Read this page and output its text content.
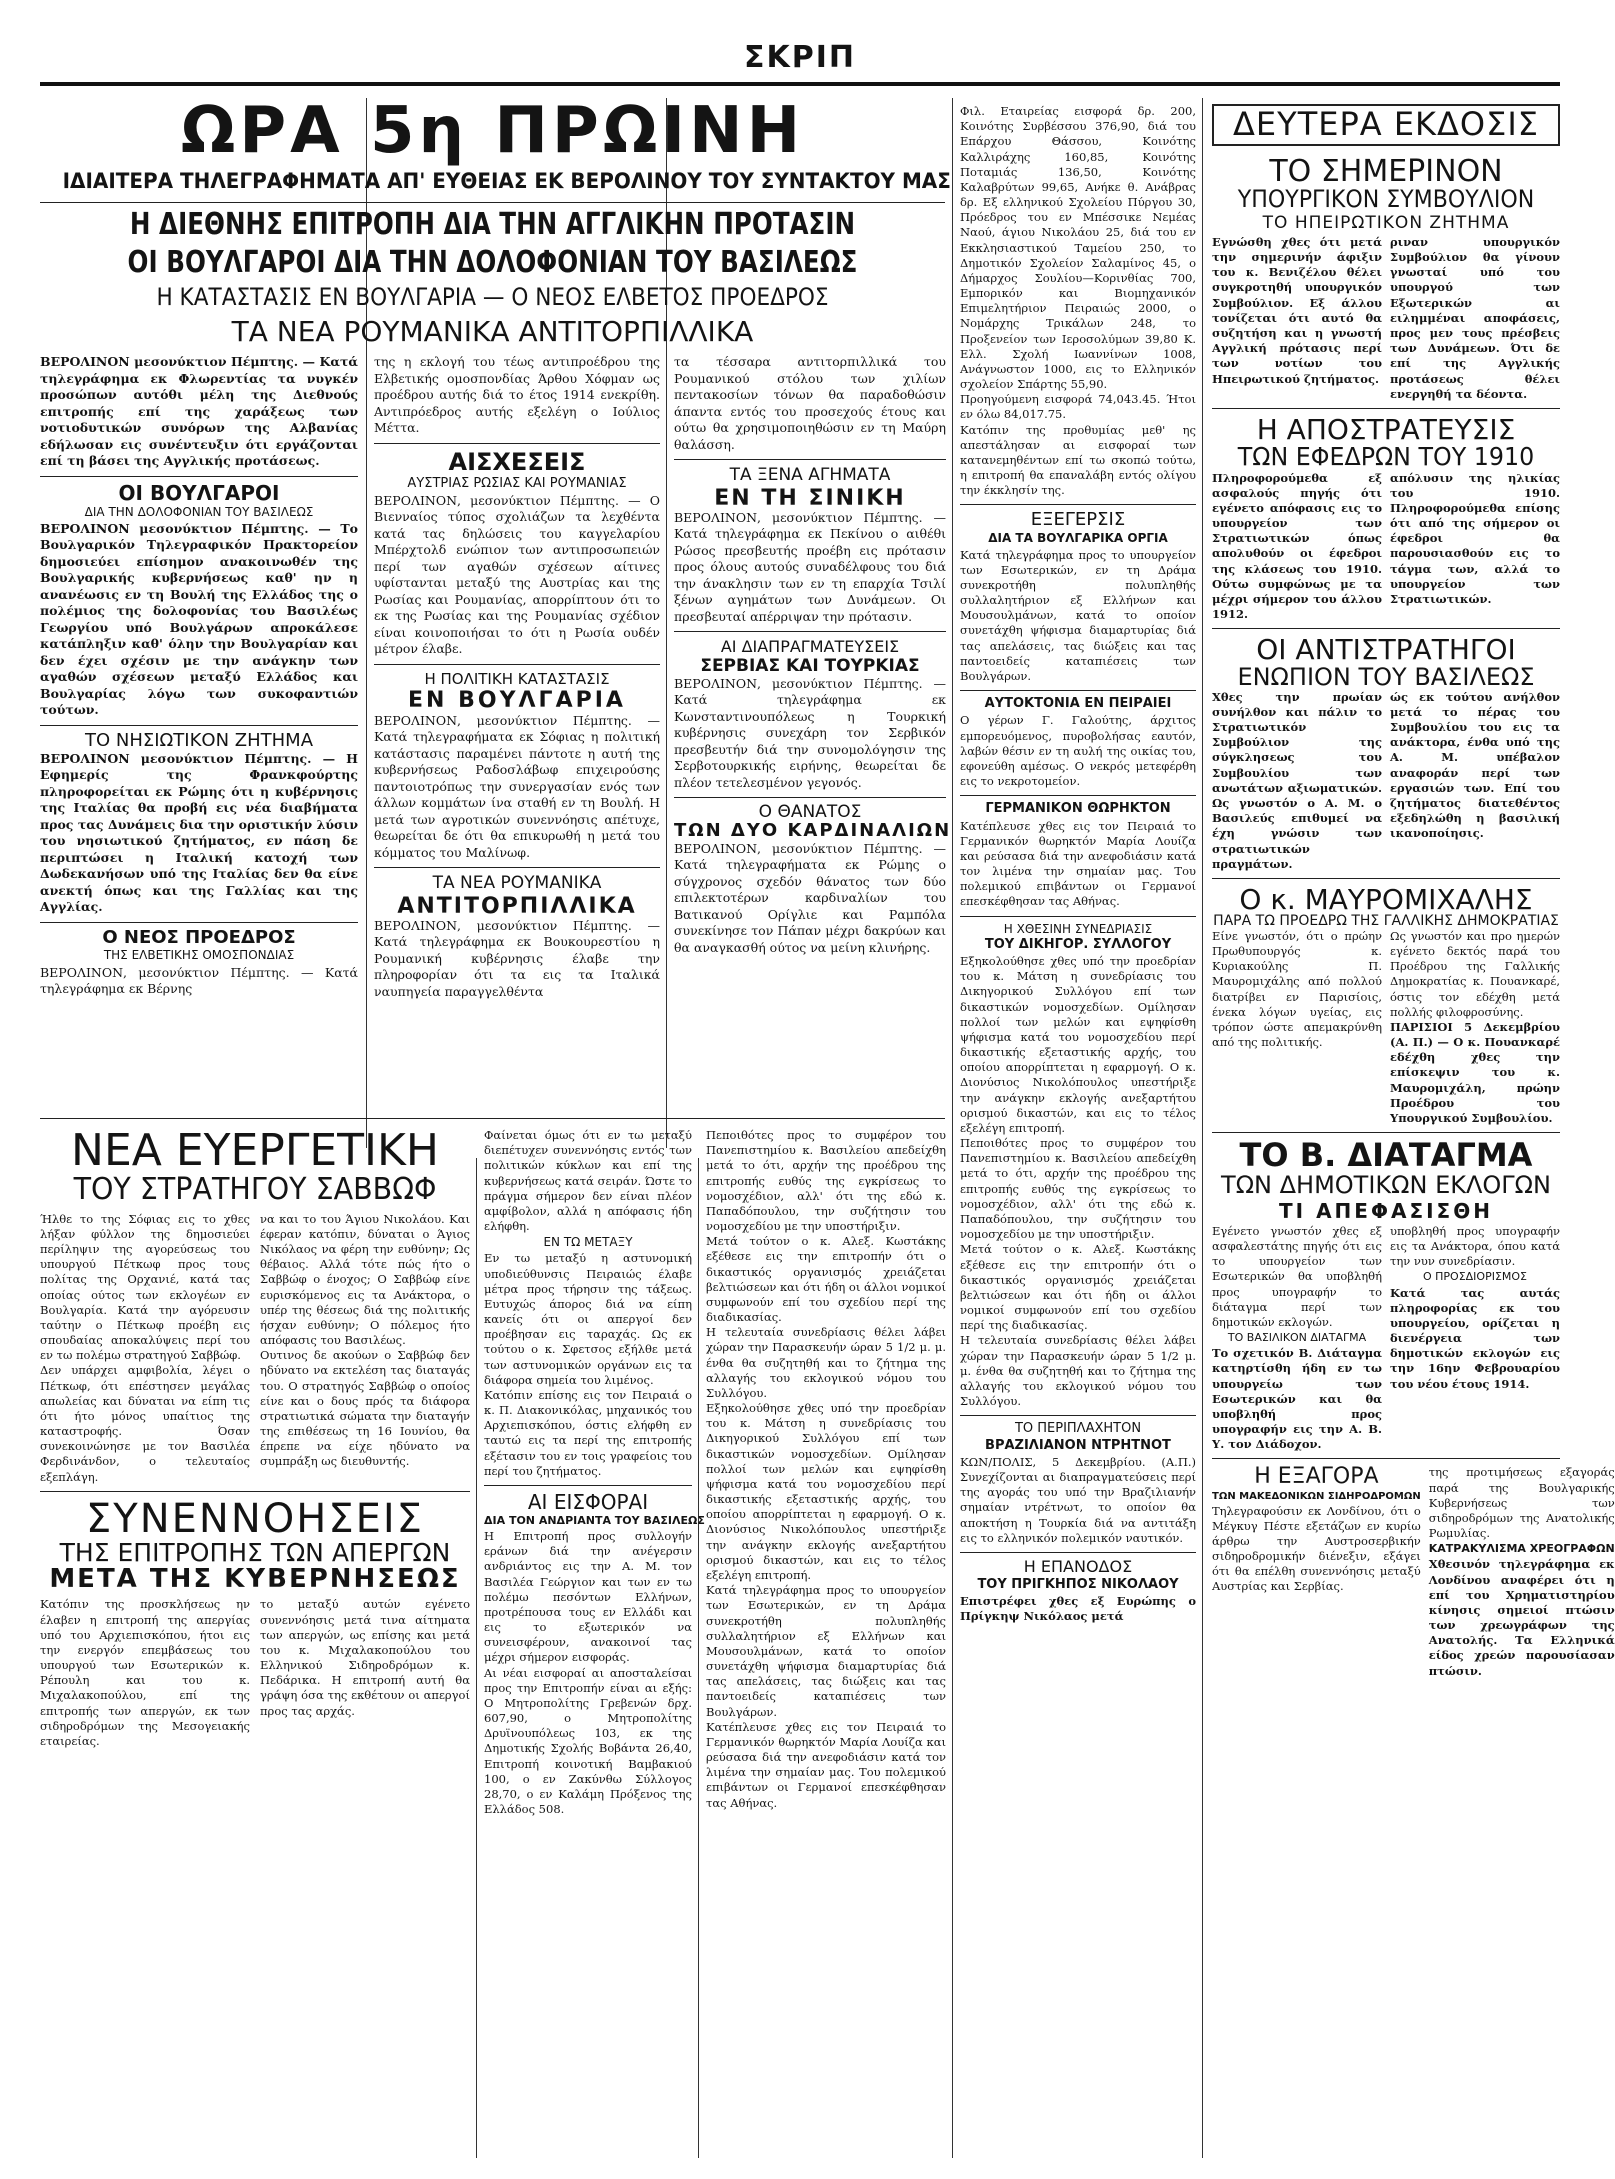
ΣΚΡΙΠ
ΩΡΑ 5η ΠΡΩΙΝΗ
ΙΔΙΑΙΤΕΡΑ ΤΗΛΕΓΡΑΦΗΜΑΤΑ ΑΠ' ΕΥΘΕΙΑΣ ΕΚ ΒΕΡΟΛΙΝΟΥ ΤΟΥ ΣΥΝΤΑΚΤΟΥ ΜΑΣ
Η ΔΙΕΘΝΗΣ ΕΠΙΤΡΟΠΗ ΔΙΑ ΤΗΝ ΑΓΓΛΙΚΗΝ ΠΡΟΤΑΣΙΝ
ΟΙ ΒΟΥΛΓΑΡΟΙ ΔΙΑ ΤΗΝ ΔΟΛΟΦΟΝΙΑΝ ΤΟΥ ΒΑΣΙΛΕΩΣ
Η ΚΑΤΑΣΤΑΣΙΣ ΕΝ ΒΟΥΛΓΑΡΙΑ — Ο ΝΕΟΣ ΕΛΒΕΤΟΣ ΠΡΟΕΔΡΟΣ
ΤΑ ΝΕΑ ΡΟΥΜΑΝΙΚΑ ΑΝΤΙΤΟΡΠΙΛΛΙΚΑ

ΒΕΡΟΛΙΝΟΝ μεσονύκτιον Πέμπτης. — Κατά τηλεγράφημα εκ Φλωρεντίας τα νυγκέν προσώπων αυτόθι μέλη της Διεθνούς επιτροπής επί της χαράξεως των νοτιοδυτικών συνόρων της Αλβανίας εδήλωσαν εις συνέντευξιν ότι εργάζονται επί τη βάσει της Αγγλικής προτάσεως.

ΟΙ ΒΟΥΛΓΑΡΟΙ
ΔΙΑ ΤΗΝ ΔΟΛΟΦΟΝΙΑΝ ΤΟΥ ΒΑΣΙΛΕΩΣ

ΒΕΡΟΛΙΝΟΝ μεσονύκτιον Πέμπτης. — Το Βουλγαρικόν Τηλεγραφικόν Πρακτορείον δημοσιεύει επίσημον ανακοινωθέν της Βουλγαρικής κυβερνήσεως καθ' ην η ανανέωσις εν τη Βουλή της Ελλάδος της ο πολέμιος της δολοφονίας του Βασιλέως Γεωργίου υπό Βουλγάρων απροκάλεσε κατάπληξιν καθ' όλην την Βουλγαρίαν και δεν έχει σχέσιν με την ανάγκην των αγαθών σχέσεων μεταξύ Ελλάδος και Βουλγαρίας λόγω των συκοφαντιών τούτων.

ΤΟ ΝΗΣΙΩΤΙΚΟΝ ΖΗΤΗΜΑ

ΒΕΡΟΛΙΝΟΝ μεσονύκτιον Πέμπτης. — Η Εφημερίς της Φρανκφούρτης πληροφορείται εκ Ρώμης ότι η κυβέρνησις της Ιταλίας θα προβή εις νέα διαβήματα προς τας Δυνάμεις δια την οριστικήν λύσιν του νησιωτικού ζητήματος, εν πάση δε περιπτώσει η Ιταλική κατοχή των Δωδεκανήσων υπό της Ιταλίας δεν θα είνε ανεκτή όπως και της Γαλλίας και της Αγγλίας.

Ο ΝΕΟΣ ΠΡΟΕΔΡΟΣ
ΤΗΣ ΕΛΒΕΤΙΚΗΣ ΟΜΟΣΠΟΝΔΙΑΣ

ΒΕΡΟΛΙΝΟΝ, μεσονύκτιον Πέμπτης. — Κατά τηλεγράφημα εκ Βέρνης

της η εκλογή του τέως αντιπροέδρου της Ελβετικής ομοσπονδίας Άρθου Χόφμαν ως προέδρου αυτής διά το έτος 1914 ενεκρίθη. Αντιπρόεδρος αυτής εξελέγη ο Ιούλιος Μέττα.

ΑΙΣΧΕΣΕΙΣ
ΑΥΣΤΡΙΑΣ ΡΩΣΙΑΣ ΚΑΙ ΡΟΥΜΑΝΙΑΣ

ΒΕΡΟΛΙΝΟΝ, μεσονύκτιον Πέμπτης. — Ο Βιενναίος τύπος σχολιάζων τα λεχθέντα κατά τας δηλώσεις του καγγελαρίου Μπέρχτολδ ενώπιον των αντιπροσωπειών περί των αγαθών σχέσεων αίτινες υφίστανται μεταξύ της Αυστρίας και της Ρωσίας και Ρουμανίας, απορρίπτουν ότι το εκ της Ρωσίας και της Ρουμανίας σχέδιον είναι κοινοποιήσαι το ότι η Ρωσία ουδέν μέτρον έλαβε.

Η ΠΟΛΙΤΙΚΗ ΚΑΤΑΣΤΑΣΙΣ
ΕΝ ΒΟΥΛΓΑΡΙΑ

ΒΕΡΟΛΙΝΟΝ, μεσονύκτιον Πέμπτης. — Κατά τηλεγραφήματα εκ Σόφιας η πολιτική κατάστασις παραμένει πάντοτε η αυτή της κυβερνήσεως Ραδοσλάβωφ επιχειρούσης παντοιοτρόπως την συνεργασίαν ενός των άλλων κομμάτων ίνα σταθή εν τη Βουλή. Η μετά των αγροτικών συνεννόησις απέτυχε, θεωρείται δε ότι θα επικυρωθή η μετά του κόμματος του Μαλίνωφ.

ΤΑ ΝΕΑ ΡΟΥΜΑΝΙΚΑ
ΑΝΤΙΤΟΡΠΙΛΛΙΚΑ

ΒΕΡΟΛΙΝΟΝ, μεσονύκτιον Πέμπτης. — Κατά τηλεγράφημα εκ Βουκουρεστίου η Ρουμανική κυβέρνησις έλαβε την πληροφορίαν ότι τα εις τα Ιταλικά ναυπηγεία παραγγελθέντα

τα τέσσαρα αντιτορπιλλικά του Ρουμανικού στόλου των χιλίων πεντακοσίων τόνων θα παραδοθώσιν άπαντα εντός του προσεχούς έτους και ούτω θα χρησιμοποιηθώσιν εν τη Μαύρη θαλάσση.

ΤΑ ΞΕΝΑ ΑΓΗΜΑΤΑ
ΕΝ ΤΗ ΣΙΝΙΚΗ

ΒΕΡΟΛΙΝΟΝ, μεσονύκτιον Πέμπτης. — Κατά τηλεγράφημα εκ Πεκίνου ο αιθέθι Ρώσος πρεσβευτής προέβη εις πρότασιν προς όλους αυτούς συναδέλφους του διά την άνακλησιν των εν τη επαρχία Τσιλί ξένων αγημάτων των Δυνάμεων. Οι πρεσβευταί απέρριψαν την πρότασιν.

ΑΙ ΔΙΑΠΡΑΓΜΑΤΕΥΣΕΙΣ
ΣΕΡΒΙΑΣ ΚΑΙ ΤΟΥΡΚΙΑΣ

ΒΕΡΟΛΙΝΟΝ, μεσονύκτιον Πέμπτης. — Κατά τηλεγράφημα εκ Κωνσταντινουπόλεως η Τουρκική κυβέρνησις συνεχάρη τον Σερβικόν πρεσβευτήν διά την συνομολόγησιν της Σερβοτουρκικής ειρήνης, θεωρείται δε πλέον τετελεσμένον γεγονός.

Ο ΘΑΝΑΤΟΣ
ΤΩΝ ΔΥΟ ΚΑΡΔΙΝΑΛΙΩΝ

ΒΕΡΟΛΙΝΟΝ, μεσονύκτιον Πέμπτης. — Κατά τηλεγραφήματα εκ Ρώμης ο σύγχρονος σχεδόν θάνατος των δύο επιλεκτοτέρων καρδιναλίων του Βατικανού Ορίγλιε και Ραμπόλα συνεκίνησε τον Πάπαν μέχρι δακρύων και θα αναγκασθή ούτος να μείνη κλινήρης.

Φιλ. Εταιρείας εισφορά δρ. 200, Κοινότης Συρβέσσου 376,90, διά του Επάρχου Θάσσου, Κοινότης Καλλιράχης 160,85, Κοινότης Ποταμιάς 136,50, Κοινότης Καλαβρύτων 99,65, Ανήκε θ. Ανάβρας δρ. Εξ ελληνικού Σχολείου Πύργου 30, Πρόεδρος του εν Μπέσσικε Νεμέας Ναού, άγιου Νικολάου 25, διά του εν Εκκλησιαστικού Ταμείου 250, το Δημοτικόν Σχολείον Σαλαμίνος 45, ο Δήμαρχος Σουλίου—Κορινθίας 700, Εμπορικόν και Βιομηχανικόν Επιμελητήριον Πειραιώς 2000, ο Νομάρχης Τρικάλων 248, το Προξενείον των Ιεροσολύμων 39,80 Κ. Ελλ. Σχολή Ιωαννίνων 1008, Ανάγνωστον 1000, εις το Ελληνικόν σχολείον Σπάρτης 55,90.

Προηγούμενη εισφορά 74,043.45. Ήτοι εν όλω 84,017.75.

Κατόπιν της προθυμίας μεθ' ης απεστάλησαν αι εισφοραί των κατανεμηθέντων επί τω σκοπώ τούτω, η επιτροπή θα επαναλάβη εντός ολίγου την έκκλησίν της.

ΕΞΕΓΕΡΣΙΣ
ΔΙΑ ΤΑ ΒΟΥΛΓΑΡΙΚΑ ΟΡΓΙΑ

Κατά τηλεγράφημα προς το υπουργείον των Εσωτερικών, εν τη Δράμα συνεκροτήθη πολυπληθής συλλαλητήριον εξ Ελλήνων και Μουσουλμάνων, κατά το οποίον συνετάχθη ψήφισμα διαμαρτυρίας διά τας απελάσεις, τας διώξεις και τας παντοειδείς καταπιέσεις των Βουλγάρων.

ΑΥΤΟΚΤΟΝΙΑ ΕΝ ΠΕΙΡΑΙΕΙ

Ο γέρων Γ. Γαλούτης, άρχιτος εμπορευόμενος, πυροβολήσας εαυτόν, λαβών θέσιν εν τη αυλή της οικίας του, εφονεύθη αμέσως. Ο νεκρός μετεφέρθη εις το νεκροτομείον.

ΓΕΡΜΑΝΙΚΟΝ ΘΩΡΗΚΤΟΝ

Κατέπλευσε χθες εις τον Πειραιά το Γερμανικόν θωρηκτόν Μαρία Λουίζα και ρεύσασα διά την ανεφοδιάσιν κατά τον λιμένα την σημαίαν μας. Του πολεμικού επιβάντων οι Γερμανοί επεσκέφθησαν τας Αθήνας.

Η ΧΘΕΣΙΝΗ ΣΥΝΕΔΡΙΑΣΙΣ
ΤΟΥ ΔΙΚΗΓΟΡ. ΣΥΛΛΟΓΟΥ

Εξηκολούθησε χθες υπό την προεδρίαν του κ. Μάτση η συνεδρίασις του Δικηγορικού Συλλόγου επί των δικαστικών νομοσχεδίων. Ομίλησαν πολλοί των μελών και εψηφίσθη ψήφισμα κατά του νομοσχεδίου περί δικαστικής εξεταστικής αρχής, του οποίου απορρίπτεται η εφαρμογή. Ο κ. Διονύσιος Νικολόπουλος υπεστήριξε την ανάγκην εκλογής ανεξαρτήτου ορισμού δικαστών, και εις το τέλος εξελέγη επιτροπή.

Πεποιθότες προς το συμφέρον του Πανεπιστημίου κ. Βασιλείου απεδείχθη μετά το ότι, αρχήν της προέδρου της επιτροπής ευθύς της εγκρίσεως το νομοσχέδιον, αλλ' ότι της εδώ κ. Παπαδόπουλου, την συζήτησιν του νομοσχεδίου με την υποστήριξιν.

Μετά τούτον ο κ. Αλεξ. Κωστάκης εξέθεσε εις την επιτροπήν ότι ο δικαστικός οργανισμός χρειάζεται βελτιώσεων και ότι ήδη οι άλλοι νομικοί συμφωνούν επί του σχεδίου περί της διαδικασίας.

Η τελευταία συνεδρίασις θέλει λάβει χώραν την Παρασκευήν ώραν 5 1/2 μ. μ. ένθα θα συζητηθή και το ζήτημα της αλλαγής του εκλογικού νόμου του Συλλόγου.

ΤΟ ΠΕΡΙΠΛΑΧΗΤΟΝ
ΒΡΑΖΙΛΙΑΝΟΝ ΝΤΡΗΤΝΟΤ

ΚΩΝ/ΠΟΛΙΣ, 5 Δεκεμβρίου. (Α.Π.) Συνεχίζονται αι διαπραγματεύσεις περί της αγοράς του υπό την Βραζιλιανήν σημαίαν ντρέτνωτ, το οποίον θα αποκτήση η Τουρκία διά να αντιτάξη εις το ελληνικόν πολεμικόν ναυτικόν.

Η ΕΠΑΝΟΔΟΣ
ΤΟΥ ΠΡΙΓΚΗΠΟΣ ΝΙΚΟΛΑΟΥ

Επιστρέφει χθες εξ Ευρώπης ο Πρίγκηψ Νικόλαος μετά

ΔΕΥΤΕΡΑ ΕΚΔΟΣΙΣ
ΤΟ ΣΗΜΕΡΙΝΟΝ
ΥΠΟΥΡΓΙΚΟΝ ΣΥΜΒΟΥΛΙΟΝ
ΤΟ ΗΠΕΙΡΩΤΙΚΟΝ ΖΗΤΗΜΑ

Εγνώσθη χθες ότι μετά την σημερινήν άφιξιν του κ. Βενιζέλου θέλει συγκροτηθή υπουργικόν Συμβούλιον. Εξ άλλου τονίζεται ότι αυτό θα συζητήση και η γνωστή Αγγλική πρότασις περί των νοτίων του Ηπειρωτικού ζητήματος.

ριναν υπουργικόν Συμβούλιον θα γίνουν γνωσταί υπό του υπουργού των Εξωτερικών αι ειλημμέναι αποφάσεις, προς μεν τους πρέσβεις των Δυνάμεων. Ότι δε επί της Αγγλικής προτάσεως θέλει ενεργηθή τα δέοντα.

Η ΑΠΟΣΤΡΑΤΕΥΣΙΣ
ΤΩΝ ΕΦΕΔΡΩΝ ΤΟΥ 1910

Πληροφορούμεθα εξ ασφαλούς πηγής ότι εγένετο απόφασις εις το υπουργείον των Στρατιωτικών όπως απολυθούν οι έφεδροι της κλάσεως του 1910. Ούτω συμφώνως με τα μέχρι σήμερον του άλλου 1912.

απόλυσιν της ηλικίας του 1910. Πληροφορούμεθα επίσης ότι από της σήμερον οι έφεδροι θα παρουσιασθούν εις το τάγμα των, αλλά το υπουργείον των Στρατιωτικών.

ΟΙ ΑΝΤΙΣΤΡΑΤΗΓΟΙ
ΕΝΩΠΙΟΝ ΤΟΥ ΒΑΣΙΛΕΩΣ

Χθες την πρωίαν συνήλθον και πάλιν το Στρατιωτικόν Συμβούλιον της σύγκλησεως του Συμβουλίου των ανωτάτων αξιωματικών. Ως γνωστόν ο Α. Μ. ο Βασιλεύς επιθυμεί να έχη γνώσιν των στρατιωτικών πραγμάτων.

ώς εκ τούτου ανήλθον μετά το πέρας του Συμβουλίου του εις τα ανάκτορα, ένθα υπό της Α. Μ. υπέβαλον αναφοράν περί των εργασιών των. Επί του ζητήματος διατεθέντος εξεδηλώθη η βασιλική ικανοποίησις.

Ο κ. ΜΑΥΡΟΜΙΧΑΛΗΣ
ΠΑΡΑ ΤΩ ΠΡΟΕΔΡΩ ΤΗΣ ΓΑΛΛΙΚΗΣ ΔΗΜΟΚΡΑΤΙΑΣ

Είνε γνωστόν, ότι ο πρώην Πρωθυπουργός κ. Κυριακούλης Π. Μαυρομιχάλης από πολλού διατρίβει εν Παρισίοις, ένεκα λόγων υγείας, εις τρόπον ώστε απεμακρύνθη από της πολιτικής.

Ως γνωστόν και προ ημερών εγένετο δεκτός παρά του Προέδρου της Γαλλικής Δημοκρατίας κ. Πουανκαρέ, όστις τον εδέχθη μετά πολλής φιλοφροσύνης.

ΠΑΡΙΣΙΟΙ 5 Δεκεμβρίου (Α. Π.) — Ο κ. Πουανκαρέ εδέχθη χθες την επίσκεψιν του κ. Μαυρομιχάλη, πρώην Προέδρου του Υπουργικού Συμβουλίου.

ΤΟ Β. ΔΙΑΤΑΓΜΑ
ΤΩΝ ΔΗΜΟΤΙΚΩΝ ΕΚΛΟΓΩΝ
ΤΙ ΑΠΕΦΑΣΙΣΘΗ

Εγένετο γνωστόν χθες εξ ασφαλεστάτης πηγής ότι εις το υπουργείον των Εσωτερικών θα υποβληθή προς υπογραφήν το διάταγμα περί των δημοτικών εκλογών.

ΤΟ ΒΑΣΙΛΙΚΟΝ ΔΙΑΤΑΓΜΑ

Το σχετικόν Β. Διάταγμα κατηρτίσθη ήδη εν τω υπουργείω των Εσωτερικών και θα υποβληθή προς υπογραφήν εις την Α. Β. Υ. τον Διάδοχον.

υποβληθή προς υπογραφήν εις τα Ανάκτορα, όπου κατά την νυν συνεδρίασιν.

Ο ΠΡΟΣΔΙΟΡΙΣΜΟΣ

Κατά τας αυτάς πληροφορίας εκ του υπουργείου, ορίζεται η διενέργεια των δημοτικών εκλογών εις την 16ην Φεβρουαρίου του νέου έτους 1914.

Η ΕΞΑΓΟΡΑ
ΤΩΝ ΜΑΚΕΔΟΝΙΚΩΝ ΣΙΔΗΡΟΔΡΟΜΩΝ

Τηλεγραφούσιν εκ Λονδίνου, ότι ο Μέγκυγ Πέστε εξετάζων εν κυρίω άρθρω την Αυστροσερβικήν σιδηροδρομικήν διένεξιν, εξάγει ότι θα επέλθη συνεννόησις μεταξύ Αυστρίας και Σερβίας.

της προτιμήσεως εξαγοράς παρά της Βουλγαρικής Κυβερνήσεως των σιδηροδρόμων της Ανατολικής Ρωμυλίας.

ΚΑΤΡΑΚΥΛΙΣΜΑ ΧΡΕΟΓΡΑΦΩΝ

Χθεσινόν τηλεγράφημα εκ Λονδίνου αναφέρει ότι η επί του Χρηματιστηρίου κίνησις σημειοί πτώσιν των χρεωγράφων της Ανατολής. Τα Ελληνικά είδος χρεών παρουσίασαν πτώσιν.

ΝΕΑ ΕΥΕΡΓΕΤΙΚΗ
ΤΟΥ ΣΤΡΑΤΗΓΟΥ ΣΑΒΒΩΦ

Ήλθε το της Σόφιας εις το χθες λήξαν φύλλον της δημοσιεύει περίληψιν της αγορεύσεως του υπουργού Πέτκωφ προς τους πολίτας της Ορχανιέ, κατά τας οποίας ούτος των εκλογέων εν Βουλγαρία. Κατά την αγόρευσιν ταύτην ο Πέτκωφ προέβη εις σπουδαίας αποκαλύψεις περί του εν τω πολέμω στρατηγού Σαββώφ.

Δεν υπάρχει αμφιβολία, λέγει ο Πέτκωφ, ότι επέστησεν μεγάλας απωλείας και δύναται να είπη τις ότι ήτο μόνος υπαίτιος της καταστροφής. Όσαν συνεκοινώνησε με τον Βασιλέα Φερδινάνδον, ο τελευταίος εξεπλάγη.

να και το του Άγιου Νικολάου. Και έφεραν κατόπιν, δύναται ο Άγιος Νικόλαος να φέρη την ευθύνην; Ως θέβαιος. Αλλά τότε πώς ήτο ο Σαββώφ ο ένοχος; Ο Σαββώφ είνε ευρισκόμενος εις τα Ανάκτορα, ο υπέρ της θέσεως διά της πολιτικής ήσχαν ευθύνην; Ο πόλεμος ήτο απόφασις του Βασιλέως.

Ουτινος δε ακούων ο Σαββώφ δεν ηδύνατο να εκτελέση τας διαταγάς του. Ο στρατηγός Σαββώφ ο οποίος είνε και ο δους πρός τα διάφορα στρατιωτικά σώματα την διαταγήν της επιθέσεως τη 16 Ιουνίου, θα έπρεπε να είχε ηδύνατο να συμπράξη ως διευθυντής.

ΣΥΝΕΝΝΟΗΣΕΙΣ
ΤΗΣ ΕΠΙΤΡΟΠΗΣ ΤΩΝ ΑΠΕΡΓΩΝ
ΜΕΤΑ ΤΗΣ ΚΥΒΕΡΝΗΣΕΩΣ

Κατόπιν της προσκλήσεως ην έλαβεν η επιτροπή της απεργίας υπό του Αρχιεπισκόπου, ήτοι εις την ενεργόν επεμβάσεως του υπουργού των Εσωτερικών κ. Ρέπουλη και του κ. Μιχαλακοπούλου, επί της επιτροπής των απεργών, εκ των σιδηροδρόμων της Μεσογειακής εταιρείας.

το μεταξύ αυτών εγένετο συνεννόησις μετά τινα αίτηματα των απεργών, ως επίσης και μετά του κ. Μιχαλακοπούλου του Ελληνικού Σιδηροδρόμων κ. Πεδάρικα. Η επιτροπή αυτή θα γράψη όσα της εκθέτουν οι απεργοί προς τας αρχάς.

Φαίνεται όμως ότι εν τω μεταξύ διεπέτυχεν συνεννόησις εντός των πολιτικών κύκλων και επί της κυβερνήσεως κατά σειράν. Ώστε το πράγμα σήμερον δεν είναι πλέον αμφίβολον, αλλά η απόφασις ήδη ελήφθη.

ΕΝ ΤΩ ΜΕΤΑΞΥ

Εν τω μεταξύ η αστυνομική υποδιεύθυνσις Πειραιώς έλαβε μέτρα προς τήρησιν της τάξεως. Ευτυχώς άπορος διά να είπη κανείς ότι οι απεργοί δεν προέβησαν εις ταραχάς. Ως εκ τούτου ο κ. Σφετσος εξήλθε μετά των αστυνομικών οργάνων εις τα διάφορα σημεία του λιμένος.

Κατόπιν επίσης εις τον Πειραιά ο κ. Π. Διακονικόλας, μηχανικός του Αρχιεπισκόπου, όστις ελήφθη εν ταυτώ εις τα περί της επιτροπής εξέτασιν του εν τοις γραφείοις του περί του ζητήματος.

ΑΙ ΕΙΣΦΟΡΑΙ
ΔΙΑ ΤΟΝ ΑΝΔΡΙΑΝΤΑ ΤΟΥ ΒΑΣΙΛΕΩΣ

Η Επιτροπή προς συλλογήν εράνων διά την ανέγερσιν ανδριάντος εις την Α. Μ. τον Βασιλέα Γεώργιον και των εν τω πολέμω πεσόντων Ελλήνων, προτρέπουσα τους εν Ελλάδι και εις το εξωτερικόν να συνεισφέρουν, ανακοινοί τας μέχρι σήμερον εισφοράς.

Αι νέαι εισφοραί αι αποσταλείσαι προς την Επιτροπήν είναι αι εξής: Ο Μητροπολίτης Γρεβενών δρχ. 607,90, ο Μητροπολίτης Δρυϊνουπόλεως 103, εκ της Δημοτικής Σχολής Βοβάντα 26,40, Επιτροπή κοινοτική Βαμβακιού 100, ο εν Ζακύνθω Σύλλογος 28,70, ο εν Καλάμη Πρόξενος της Ελλάδος 508.

Πεποιθότες προς το συμφέρον του Πανεπιστημίου κ. Βασιλείου απεδείχθη μετά το ότι, αρχήν της προέδρου της επιτροπής ευθύς της εγκρίσεως το νομοσχέδιον, αλλ' ότι της εδώ κ. Παπαδόπουλου, την συζήτησιν του νομοσχεδίου με την υποστήριξιν.

Μετά τούτον ο κ. Αλεξ. Κωστάκης εξέθεσε εις την επιτροπήν ότι ο δικαστικός οργανισμός χρειάζεται βελτιώσεων και ότι ήδη οι άλλοι νομικοί συμφωνούν επί του σχεδίου περί της διαδικασίας.

Η τελευταία συνεδρίασις θέλει λάβει χώραν την Παρασκευήν ώραν 5 1/2 μ. μ. ένθα θα συζητηθή και το ζήτημα της αλλαγής του εκλογικού νόμου του Συλλόγου.

Εξηκολούθησε χθες υπό την προεδρίαν του κ. Μάτση η συνεδρίασις του Δικηγορικού Συλλόγου επί των δικαστικών νομοσχεδίων. Ομίλησαν πολλοί των μελών και εψηφίσθη ψήφισμα κατά του νομοσχεδίου περί δικαστικής εξεταστικής αρχής, του οποίου απορρίπτεται η εφαρμογή. Ο κ. Διονύσιος Νικολόπουλος υπεστήριξε την ανάγκην εκλογής ανεξαρτήτου ορισμού δικαστών, και εις το τέλος εξελέγη επιτροπή.

Κατά τηλεγράφημα προς το υπουργείον των Εσωτερικών, εν τη Δράμα συνεκροτήθη πολυπληθής συλλαλητήριον εξ Ελλήνων και Μουσουλμάνων, κατά το οποίον συνετάχθη ψήφισμα διαμαρτυρίας διά τας απελάσεις, τας διώξεις και τας παντοειδείς καταπιέσεις των Βουλγάρων.

Κατέπλευσε χθες εις τον Πειραιά το Γερμανικόν θωρηκτόν Μαρία Λουίζα και ρεύσασα διά την ανεφοδιάσιν κατά τον λιμένα την σημαίαν μας. Του πολεμικού επιβάντων οι Γερμανοί επεσκέφθησαν τας Αθήνας.
